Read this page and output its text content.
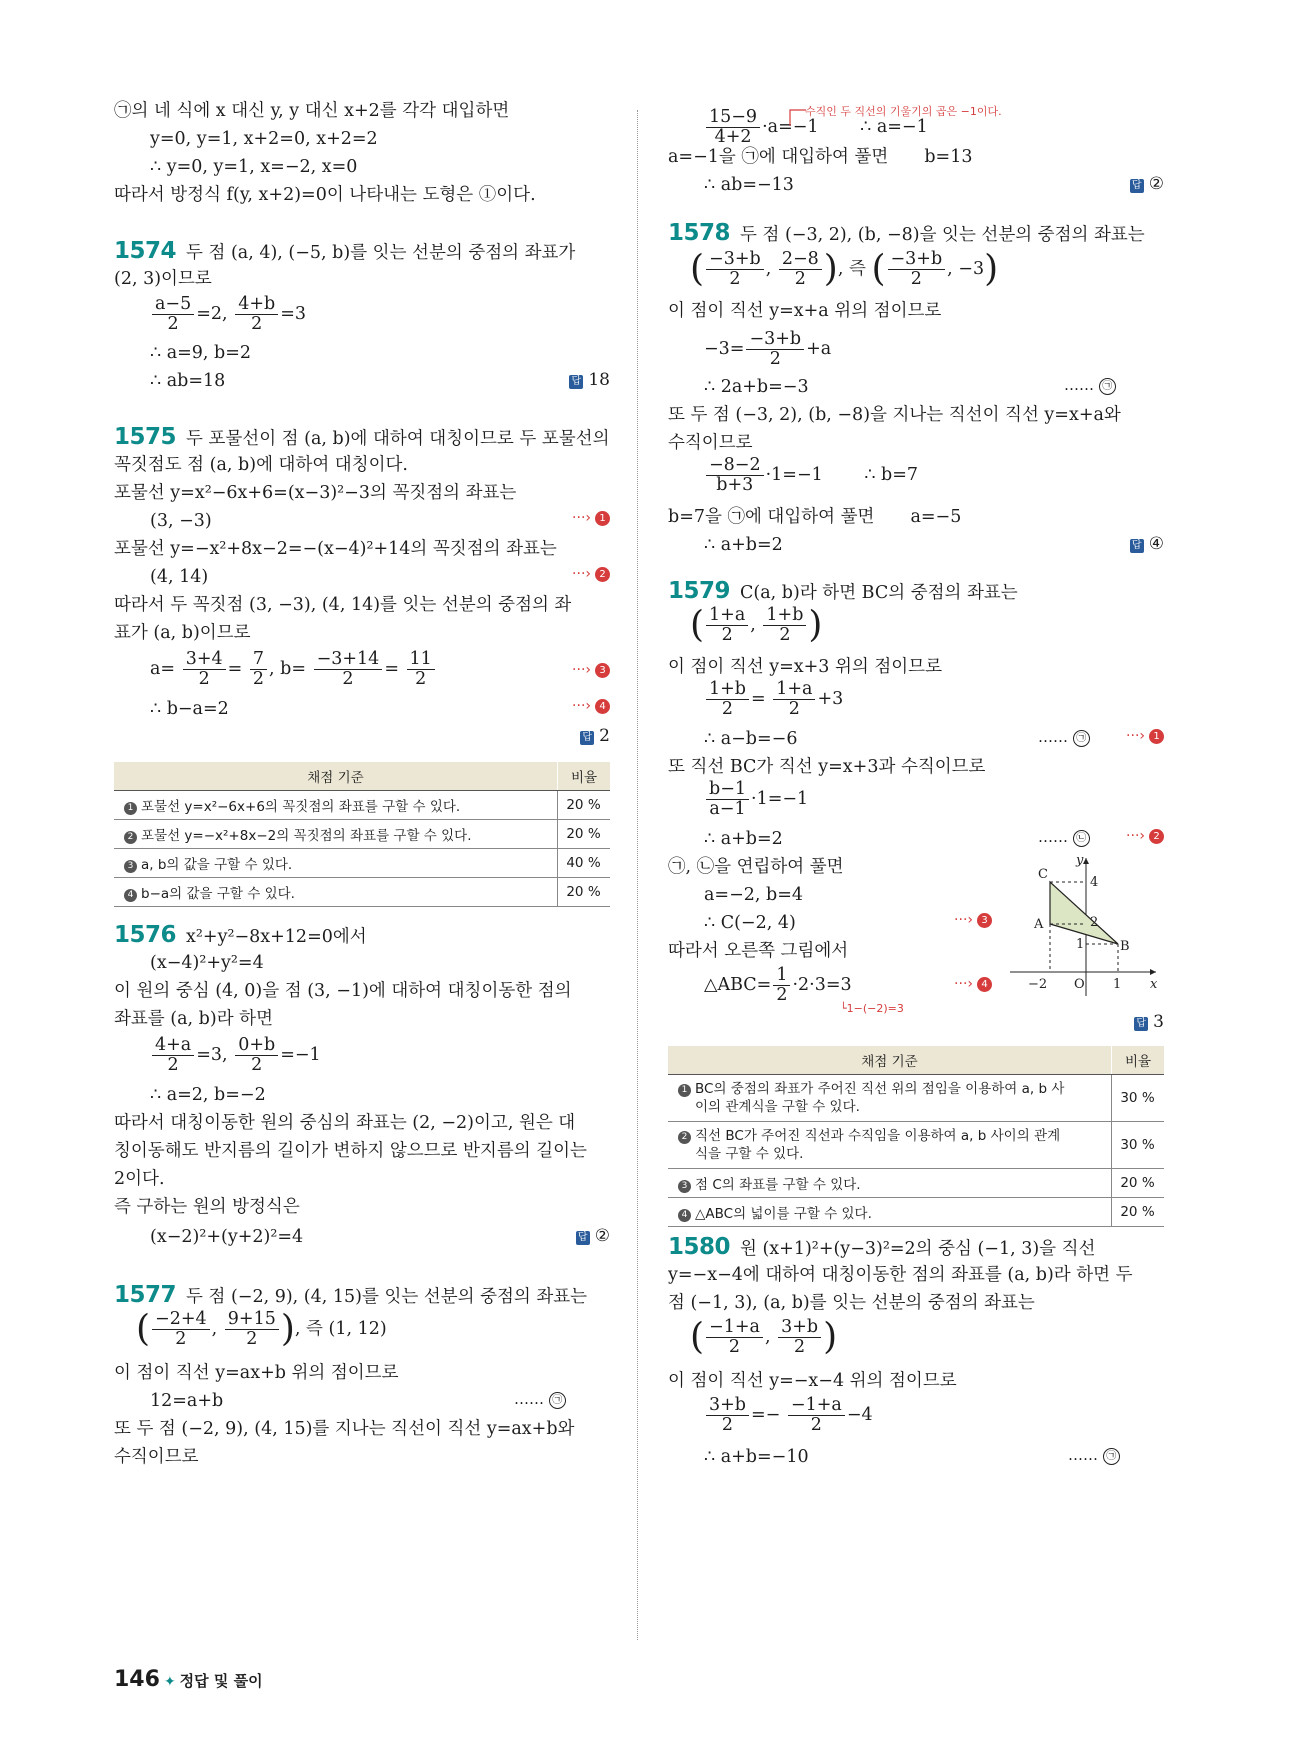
㉠의 네 식에 x 대신 y, y 대신 x+2를 각각 대입하면
y=0, y=1, x+2=0, x+2=2
∴ y=0, y=1, x=−2, x=0
따라서 방정식 f(y, x+2)=0이 나타내는 도형은 ①이다.
1574 두 점 (a, 4), (−5, b)를 잇는 선분의 중점의 좌표가
(2, 3)이므로
$\frac{a-5}{2} =2$, $\frac{4+b}{2} =3$
∴ a=9, b=2
∴ ab=18	답 18
1575 두 포물선이 점 (a, b)에 대하여 대칭이므로 두 포물선의
꼭짓점도 점 (a, b)에 대하여 대칭이다.
포물선 y=x²−6x+6=(x−3)²−3의 꼭짓점의 좌표는
(3, −3)	···› 1
포물선 y=−x²+8x−2=−(x−4)²+14의 꼭짓점의 좌표는
(4, 14)	···› 2
따라서 두 꼭짓점 (3, −3), (4, 14)를 잇는 선분의 중점의 좌
표가 (a, b)이므로
$a= \frac{3+4}{2} = \frac{7}{2}$ , $b= \frac{-3+14}{2} = \frac{11}{2}$	···› 3
∴ b−a=2	···› 4
답 2
채점 기준	비율
1 포물선 y=x²−6x+6의 꼭짓점의 좌표를 구할 수 있다.	20 %
2 포물선 y=−x²+8x−2의 꼭짓점의 좌표를 구할 수 있다.	20 %
3 a, b의 값을 구할 수 있다.	40 %
4 b−a의 값을 구할 수 있다.	20 %
1576 x²+y²−8x+12=0에서
(x−4)²+y²=4
이 원의 중심 (4, 0)을 점 (3, −1)에 대하여 대칭이동한 점의
좌표를 (a, b)라 하면
$\frac{4+a}{2} =3$, $\frac{0+b}{2} =-1$
∴ a=2, b=−2
따라서 대칭이동한 원의 중심의 좌표는 (2, −2)이고, 원은 대
칭이동해도 반지름의 길이가 변하지 않으므로 반지름의 길이는
2이다.
즉 구하는 원의 방정식은
(x−2)²+(y+2)²=4	답 ②
1577 두 점 (−2, 9), (4, 15)를 잇는 선분의 중점의 좌표는
( $\frac{-2+4}{2}$ , $\frac{9+15}{2}$ ), 즉 (1, 12)
이 점이 직선 y=ax+b 위의 점이므로
12=a+b	…… ㉠
또 두 점 (−2, 9), (4, 15)를 지나는 직선이 직선 y=ax+b와
수직이므로
$\frac{15-9}{4+2} \cdot a=-1$ ∴ a=−1
수직인 두 직선의 기울기의 곱은 −1이다.
a=−1을 ㉠에 대입하여 풀면 b=13
∴ ab=−13	답 ②
1578 두 점 (−3, 2), (b, −8)을 잇는 선분의 중점의 좌표는
( $\frac{-3+b}{2}$ , $\frac{2-8}{2}$ ), 즉 ( $\frac{-3+b}{2}$ , −3)
이 점이 직선 y=x+a 위의 점이므로
$-3= \frac{-3+b}{2} +a$
∴ 2a+b=−3	…… ㉠
또 두 점 (−3, 2), (b, −8)을 지나는 직선이 직선 y=x+a와
수직이므로
$\frac{-8-2}{b+3} \cdot 1=-1$ ∴ b=7
b=7을 ㉠에 대입하여 풀면 a=−5
∴ a+b=2	답 ④
1579 C(a, b)라 하면 BC의 중점의 좌표는
( $\frac{1+a}{2}$ , $\frac{1+b}{2}$ )
이 점이 직선 y=x+3 위의 점이므로
$\frac{1+b}{2} = \frac{1+a}{2} +3$
∴ a−b=−6	…… ㉠	···› 1
또 직선 BC가 직선 y=x+3과 수직이므로
$\frac{b-1}{a-1} \cdot 1=-1$
∴ a+b=2	…… ㉡	···› 2
㉠, ㉡을 연립하여 풀면
a=−2, b=4
∴ C(−2, 4)	···› 3
따라서 오른쪽 그림에서
△ABC= $\frac{1}{2} \cdot 2\cdot 3=3$
└1−(−2)=3
···› 4
C
A
B
4
2
1
−2 O 1 x
y
답 3
채점 기준	비율
1 BC의 중점의 좌표가 주어진 직선 위의 점임을 이용하여 a, b 사
이의 관계식을 구할 수 있다.	30 %
2 직선 BC가 주어진 직선과 수직임을 이용하여 a, b 사이의 관계
식을 구할 수 있다.	30 %
3 점 C의 좌표를 구할 수 있다.	20 %
4 △ABC의 넓이를 구할 수 있다.	20 %
1580 원 (x+1)²+(y−3)²=2의 중심 (−1, 3)을 직선
y=−x−4에 대하여 대칭이동한 점의 좌표를 (a, b)라 하면 두
점 (−1, 3), (a, b)를 잇는 선분의 중점의 좌표는
( $\frac{-1+a}{2}$ , $\frac{3+b}{2}$ )
이 점이 직선 y=−x−4 위의 점이므로
$\frac{3+b}{2} =- \frac{-1+a}{2} -4$
∴ a+b=−10	…… ㉠
146 ✦ 정답 및 풀이
